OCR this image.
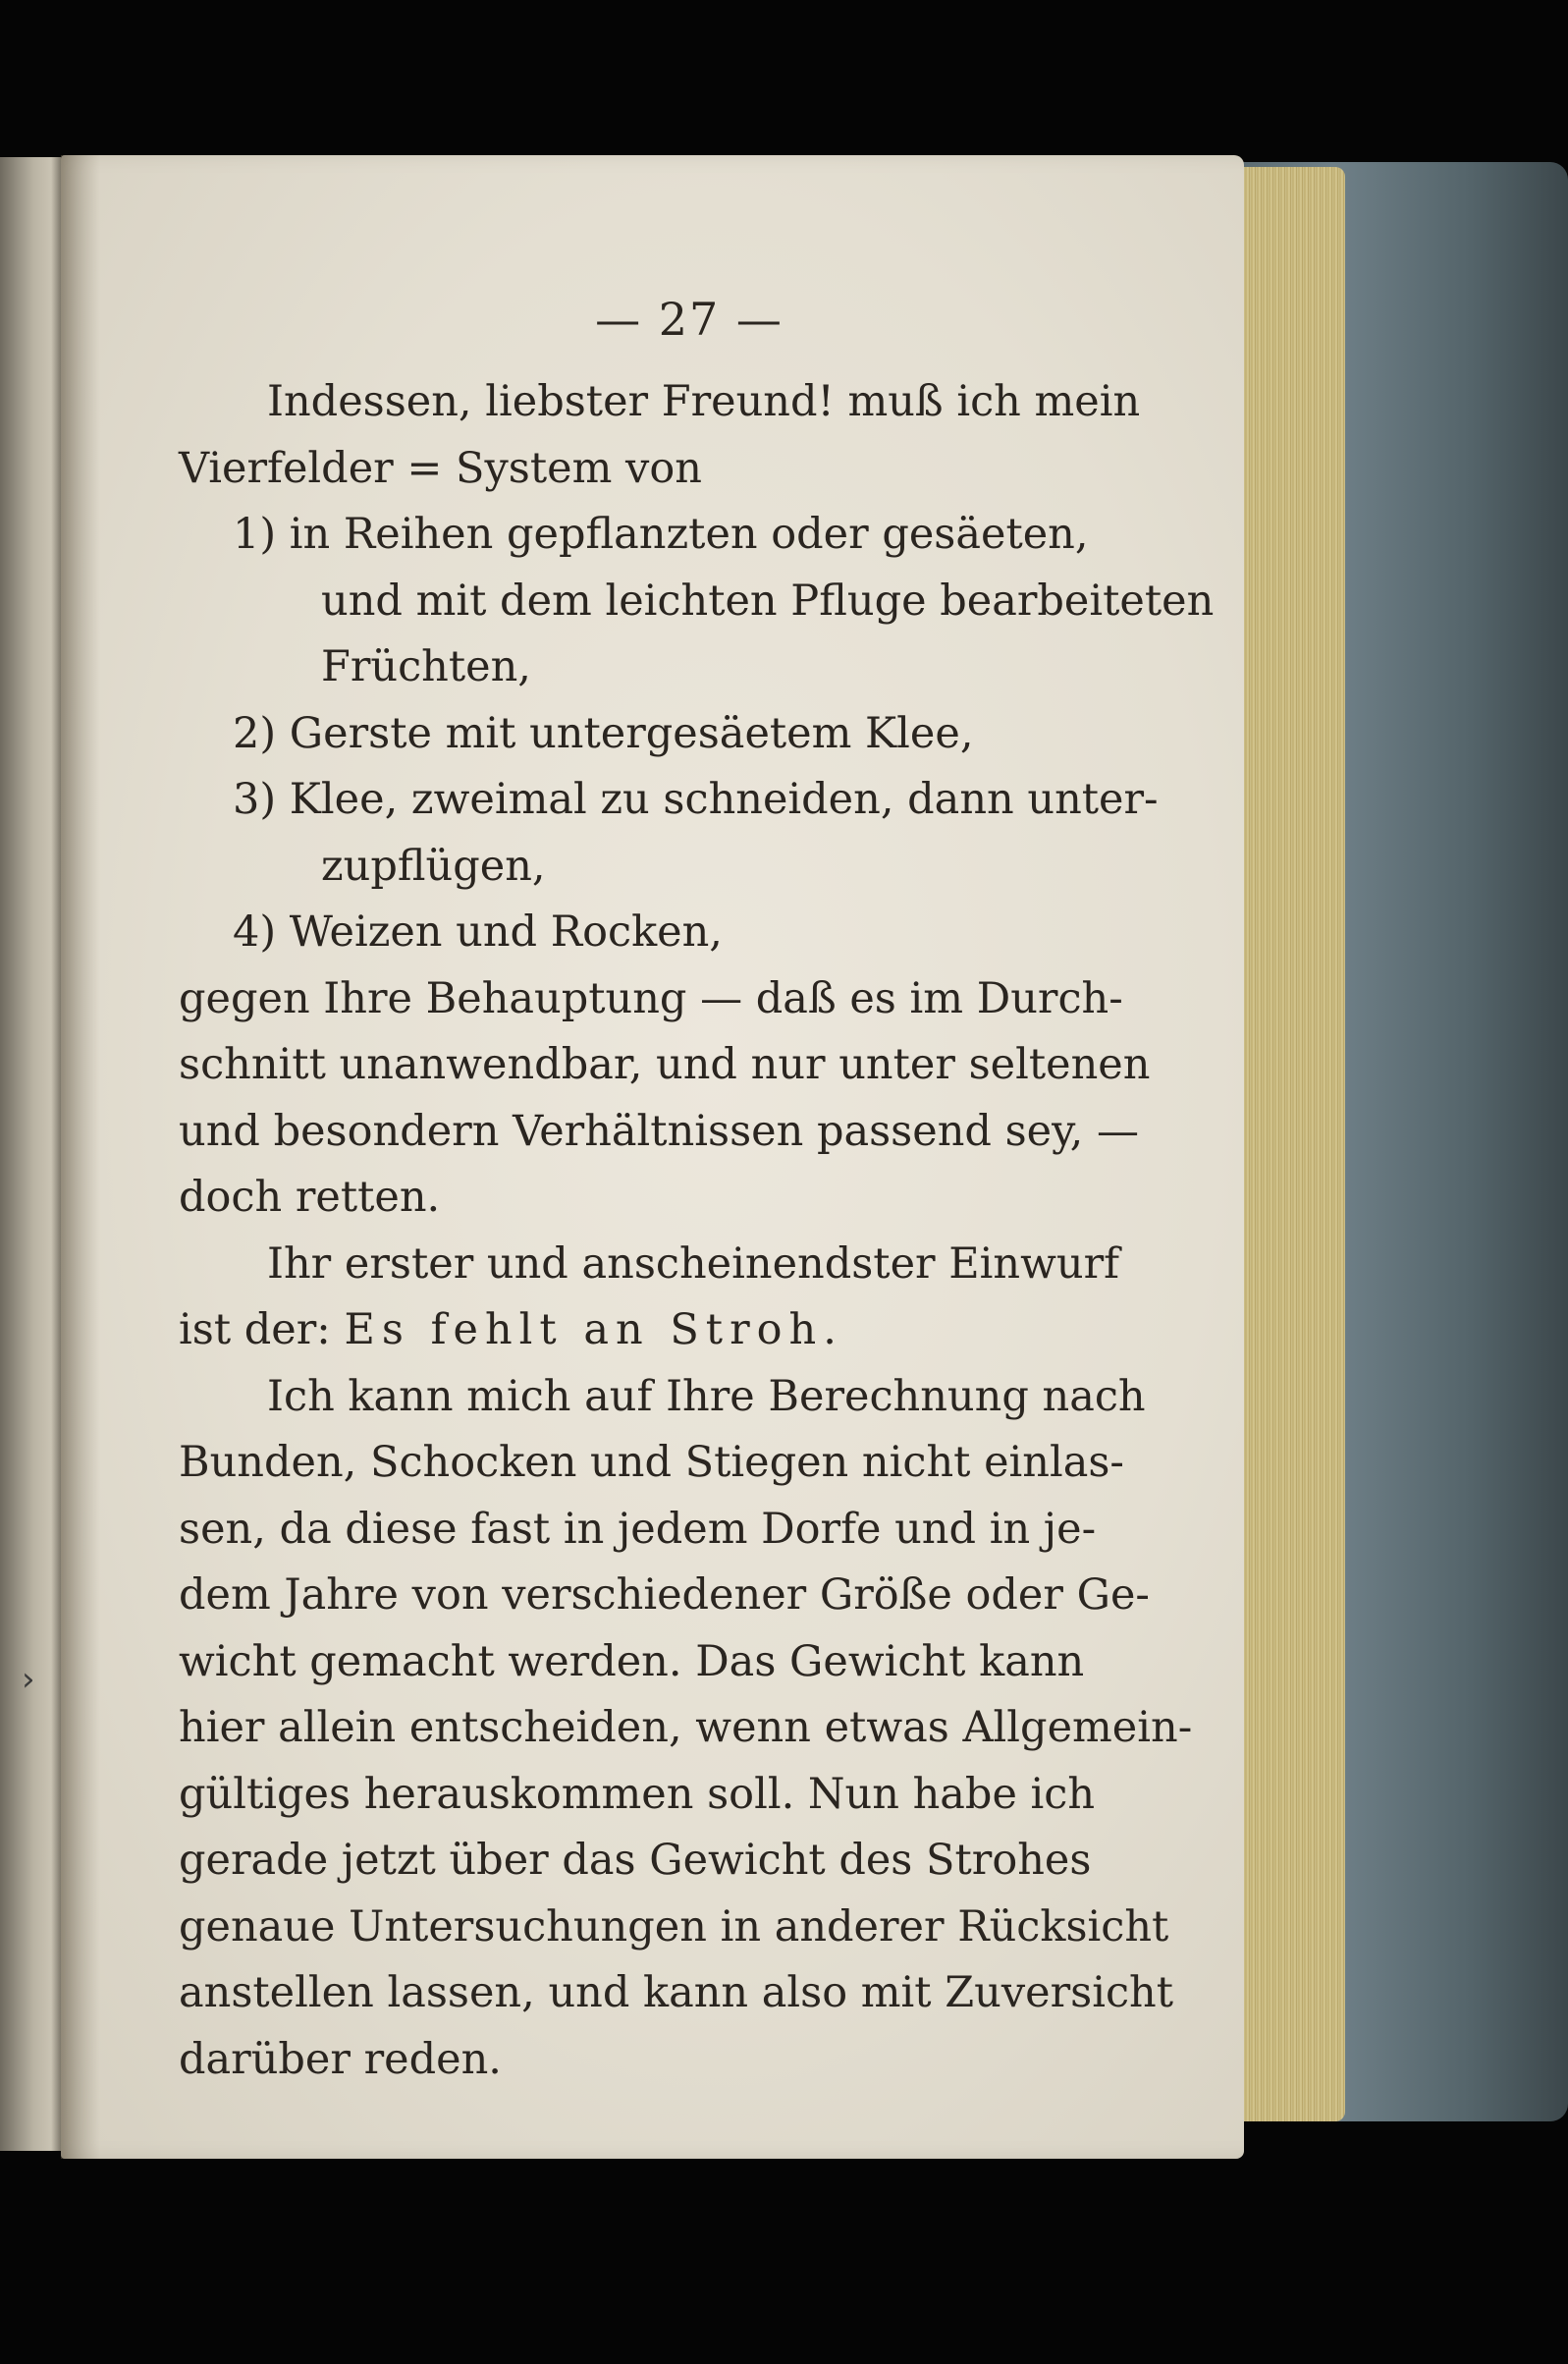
›
— 27 —
Indessen, liebster Freund! muß ich mein
Vierfelder = System von
1) in Reihen gepflanzten oder gesäeten,
und mit dem leichten Pfluge bearbeiteten
Früchten,
2) Gerste mit untergesäetem Klee,
3) Klee, zweimal zu schneiden, dann unter-
zupflügen,
4) Weizen und Rocken,
gegen Ihre Behauptung — daß es im Durch-
schnitt unanwendbar, und nur unter seltenen
und besondern Verhältnissen passend sey, —
doch retten.
Ihr erster und anscheinendster Einwurf
ist der: Es fehlt an Stroh.
Ich kann mich auf Ihre Berechnung nach
Bunden, Schocken und Stiegen nicht einlas-
sen, da diese fast in jedem Dorfe und in je-
dem Jahre von verschiedener Größe oder Ge-
wicht gemacht werden. Das Gewicht kann
hier allein entscheiden, wenn etwas Allgemein-
gültiges herauskommen soll. Nun habe ich
gerade jetzt über das Gewicht des Strohes
genaue Untersuchungen in anderer Rücksicht
anstellen lassen, und kann also mit Zuversicht
darüber reden.
